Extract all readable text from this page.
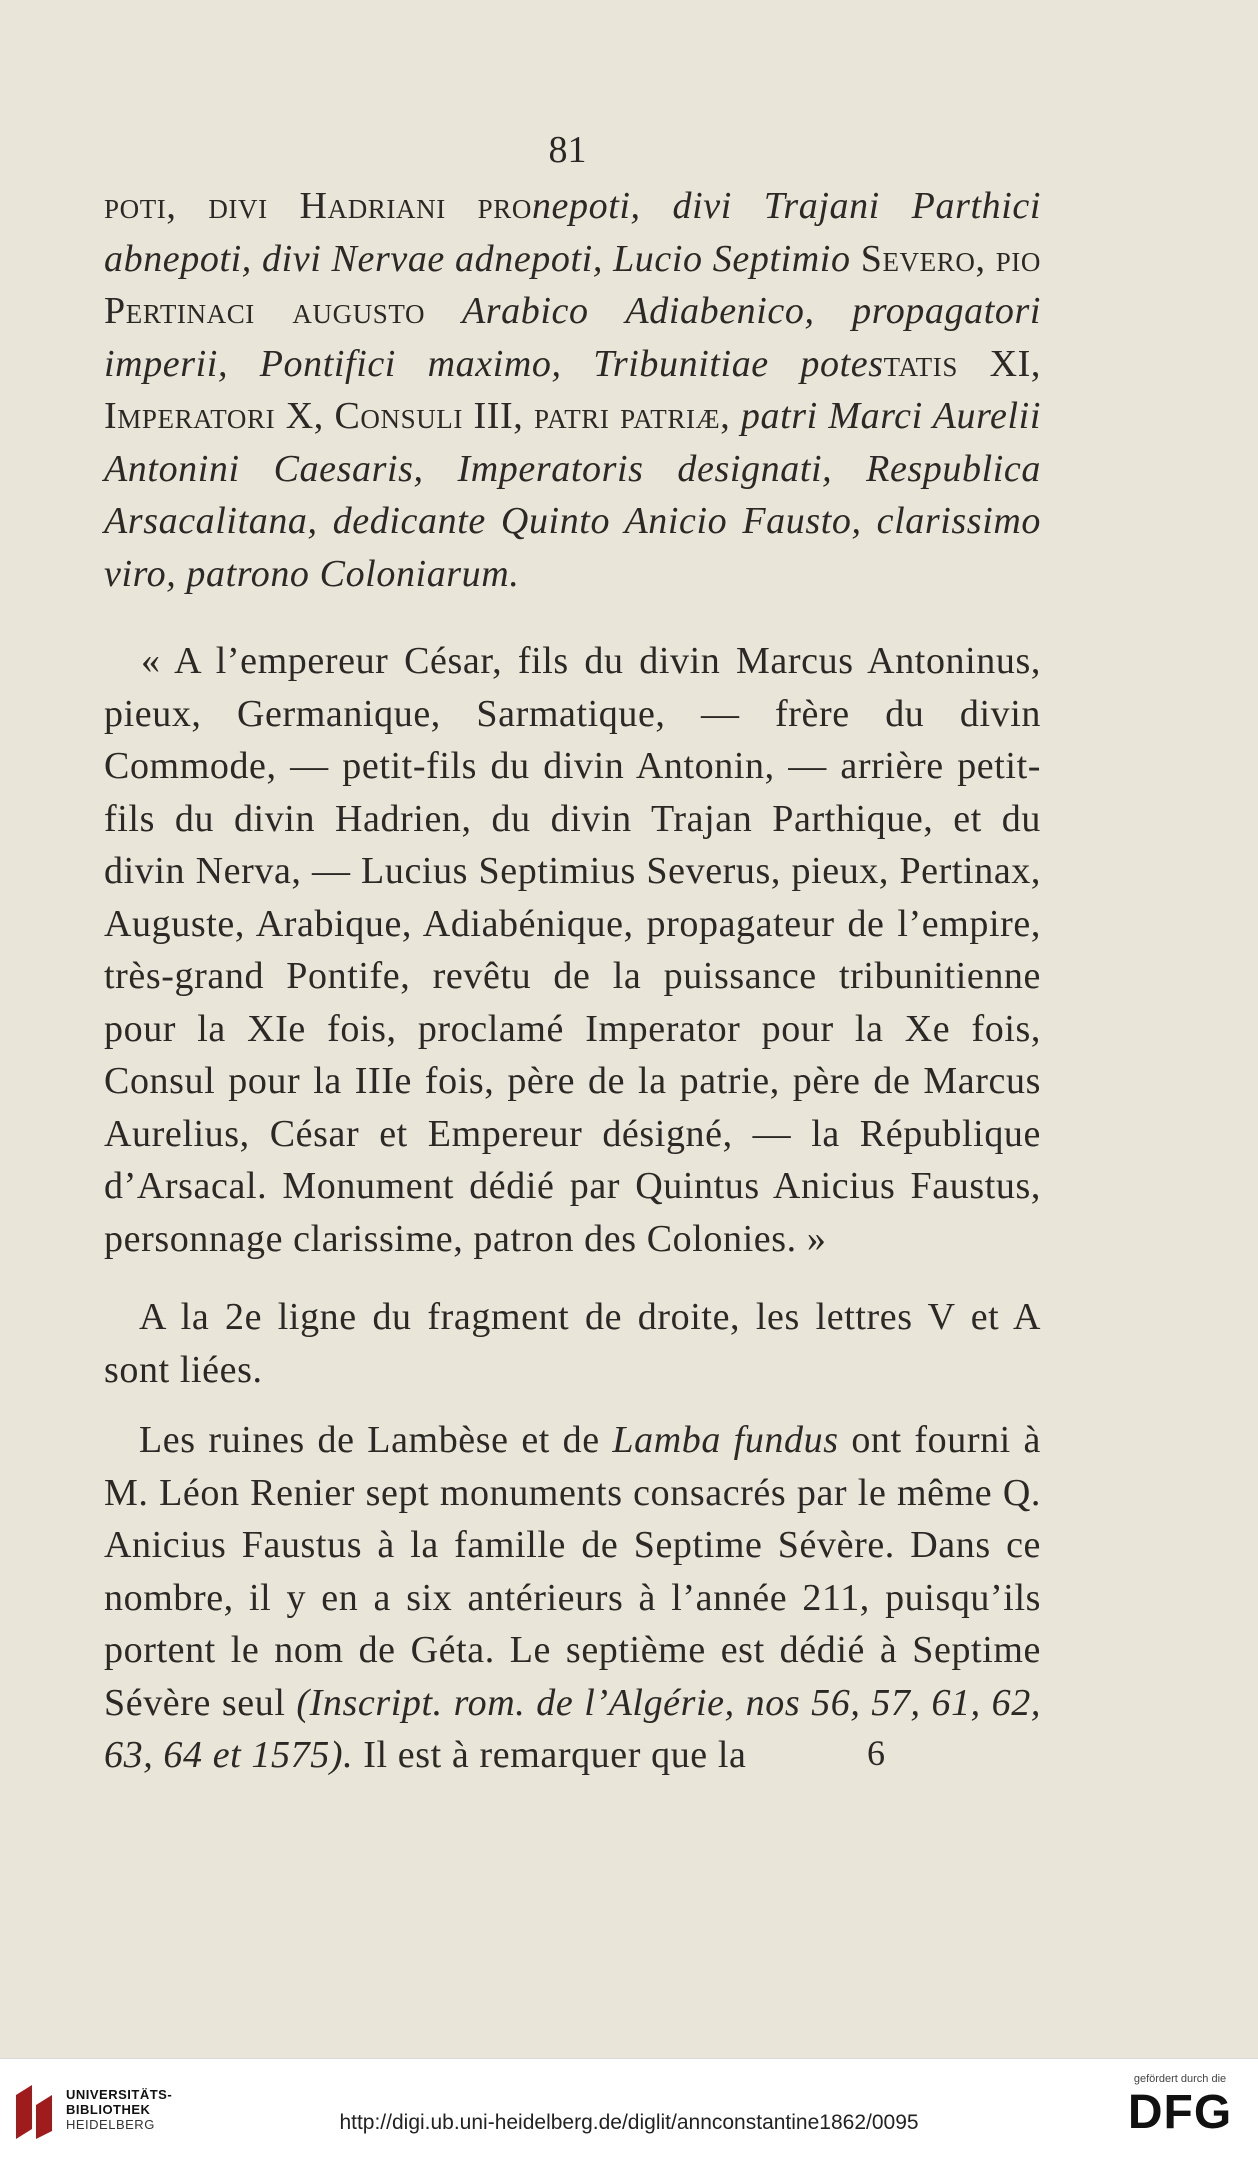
81

poti, divi Hadriani pronepoti, divi Trajani Parthici abnepoti, divi Nervae adnepoti, Lucio Septimio Severo, pio Pertinaci augusto Arabico Adiabenico, propagatori imperii, Pontifici maximo, Tribunitiae potestatis XI, Imperatori X, Consuli III, patri patriæ, patri Marci Aurelii Antonini Caesaris, Imperatoris designati, Respublica Arsacalitana, dedicante Quinto Anicio Fausto, clarissimo viro, patrono Coloniarum.

« A l’empereur César, fils du divin Marcus Antoninus, pieux, Germanique, Sarmatique, — frère du divin Commode, — petit-fils du divin Antonin, — arrière petit-fils du divin Hadrien, du divin Trajan Parthique, et du divin Nerva, — Lucius Septimius Severus, pieux, Pertinax, Auguste, Arabique, Adiabénique, propagateur de l’empire, très-grand Pontife, revêtu de la puissance tribunitienne pour la XIe fois, proclamé Imperator pour la Xe fois, Consul pour la IIIe fois, père de la patrie, père de Marcus Aurelius, César et Empereur désigné, — la République d’Arsacal. Monument dédié par Quintus Anicius Faustus, personnage clarissime, patron des Colonies. »

A la 2e ligne du fragment de droite, les lettres V et A sont liées.

Les ruines de Lambèse et de Lamba fundus ont fourni à M. Léon Renier sept monuments consacrés par le même Q. Anicius Faustus à la famille de Septime Sévère. Dans ce nombre, il y en a six antérieurs à l’année 211, puisqu’ils portent le nom de Géta. Le septième est dédié à Septime Sévère seul (Inscript. rom. de l’Algérie, nos 56, 57, 61, 62, 63, 64 et 1575). Il est à remarquer que la	6
UNIVERSITÄTS-
BIBLIOTHEK
HEIDELBERG	http://digi.ub.uni-heidelberg.de/diglit/annconstantine1862/0095
gefördert durch die
DFG
